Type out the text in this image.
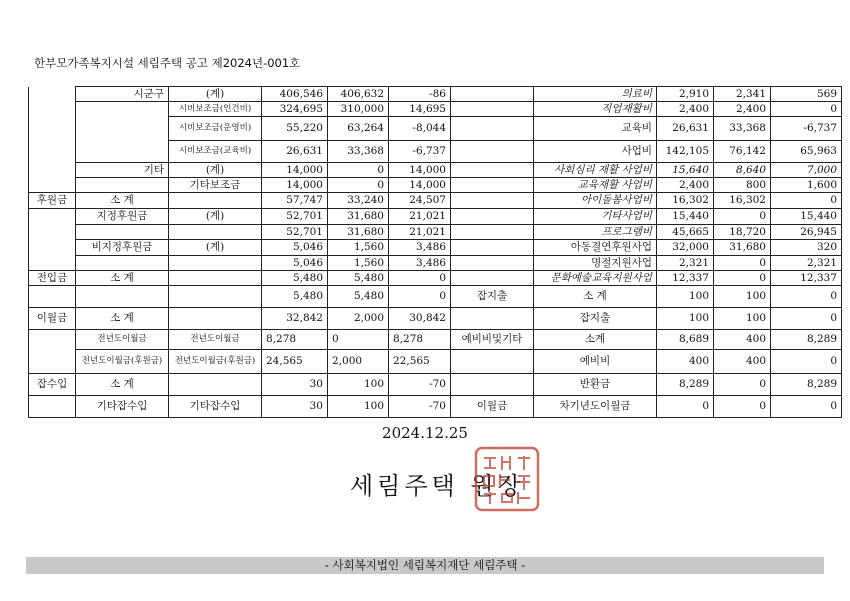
한부모가족복지시설 세림주택 공고 제2024년-001호
	시군구	(계)	406,546	406,632	-86		의료비	2,910	2,341	569
		시비보조금(인건비)	324,695	310,000	14,695		직업재활비	2,400	2,400	0
		시비보조금(운영비)	55,220	63,264	-8,044		교육비	26,631	33,368	-6,737
		시비보조금(교육비)	26,631	33,368	-6,737		사업비	142,105	76,142	65,963
	기타	(계)	14,000	0	14,000		사회심리 재활 사업비	15,640	8,640	7,000
		기타보조금	14,000	0	14,000		교육재활 사업비	2,400	800	1,600
후원금	소 계		57,747	33,240	24,507		아이돌봄사업비	16,302	16,302	0
	지정후원금	(계)	52,701	31,680	21,021		기타사업비	15,440	0	15,440
			52,701	31,680	21,021		프로그램비	45,665	18,720	26,945
	비지정후원금	(계)	5,046	1,560	3,486		아동결연후원사업	32,000	31,680	320
			5,046	1,560	3,486		명절지원사업	2,321	0	2,321
전입금	소 계		5,480	5,480	0		문화예술교육지원사업	12,337	0	12,337
			5,480	5,480	0	잡지출	소 계	100	100	0
이월금	소 계		32,842	2,000	30,842		잡지출	100	100	0
	전년도이월금	전년도이월금	8,278	0	8,278	예비비및기타	소계	8,689	400	8,289
	전년도이월금(후원금)	전년도이월금(후원금)	24,565	2,000	22,565		예비비	400	400	0
잡수입	소 계		30	100	-70		반환금	8,289	0	8,289
	기타잡수입	기타잡수입	30	100	-70	이월금	차기년도이월금	0	0	0
2024.12.25
세림주택 원장
- 사회복지법인 세림복지재단 세림주택 -
